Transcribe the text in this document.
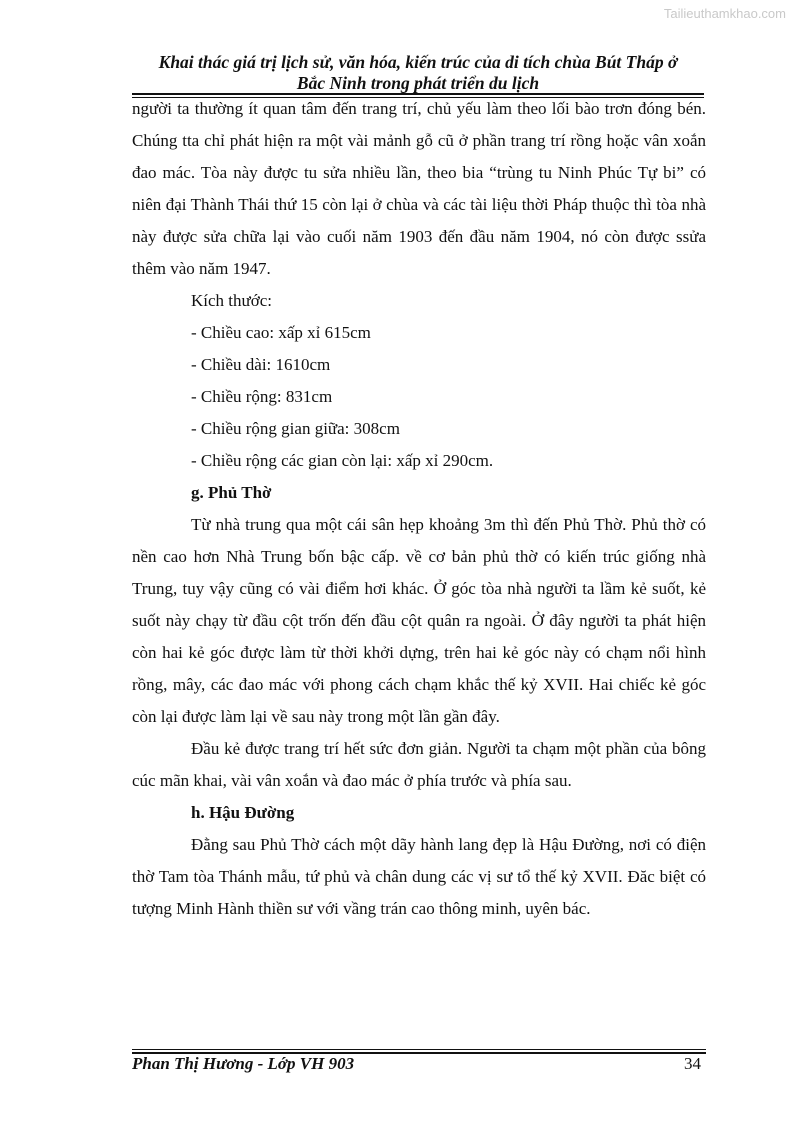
Tailieuthamkhao.com
Khai thác giá trị lịch sử, văn hóa, kiến trúc của di tích chùa Bút Tháp ở
Bắc Ninh trong phát triển du lịch

người ta thường ít quan tâm đến trang trí, chủ yếu làm theo lối bào trơn đóng bén. Chúng tta chỉ phát hiện ra một vài mảnh gỗ cũ ở phần trang trí rồng hoặc vân xoắn đao mác. Tòa này được tu sửa nhiều lần, theo bia “trùng tu Ninh Phúc Tự bi” có niên đại Thành Thái thứ 15 còn lại ở chùa và các tài liệu thời Pháp thuộc thì tòa nhà này được sửa chữa lại vào cuối năm 1903 đến đầu năm 1904, nó còn được ssửa thêm vào năm 1947.

Kích thước:

- Chiều cao: xấp xỉ 615cm

- Chiều dài: 1610cm

- Chiều rộng: 831cm

- Chiều rộng gian giữa: 308cm

- Chiều rộng các gian còn lại: xấp xỉ 290cm.

g. Phủ Thờ

Từ nhà trung qua một cái sân hẹp khoảng 3m thì đến Phủ Thờ. Phủ thờ có nền cao hơn Nhà Trung bốn bậc cấp. về cơ bản phủ thờ có kiến trúc giống nhà Trung, tuy vậy cũng có vài điểm hơi khác. Ở góc tòa nhà người ta lầm kẻ suốt, kẻ suốt này chạy từ đầu cột trốn đến đầu cột quân ra ngoài. Ở đây người ta phát hiện còn hai kẻ góc được làm từ thời khởi dựng, trên hai kẻ góc này có chạm nổi hình rồng, mây, các đao mác với phong cách chạm khắc thế kỷ XVII. Hai chiếc kẻ góc còn lại được làm lại về sau này trong một lần gần đây.

Đầu kẻ được trang trí hết sức đơn giản. Người ta chạm một phần của bông cúc mãn khai, vài vân xoắn và đao mác ở phía trước và phía sau.

h. Hậu Đường

Đằng sau Phủ Thờ cách một dãy hành lang đẹp là Hậu Đường, nơi có điện thờ Tam tòa Thánh mẫu, tứ phủ và chân dung các vị sư tổ thế kỷ XVII. Đăc biệt có tượng Minh Hành thiền sư với vầng trán cao thông minh, uyên bác.

Phan Thị Hương - Lớp VH 903	34
